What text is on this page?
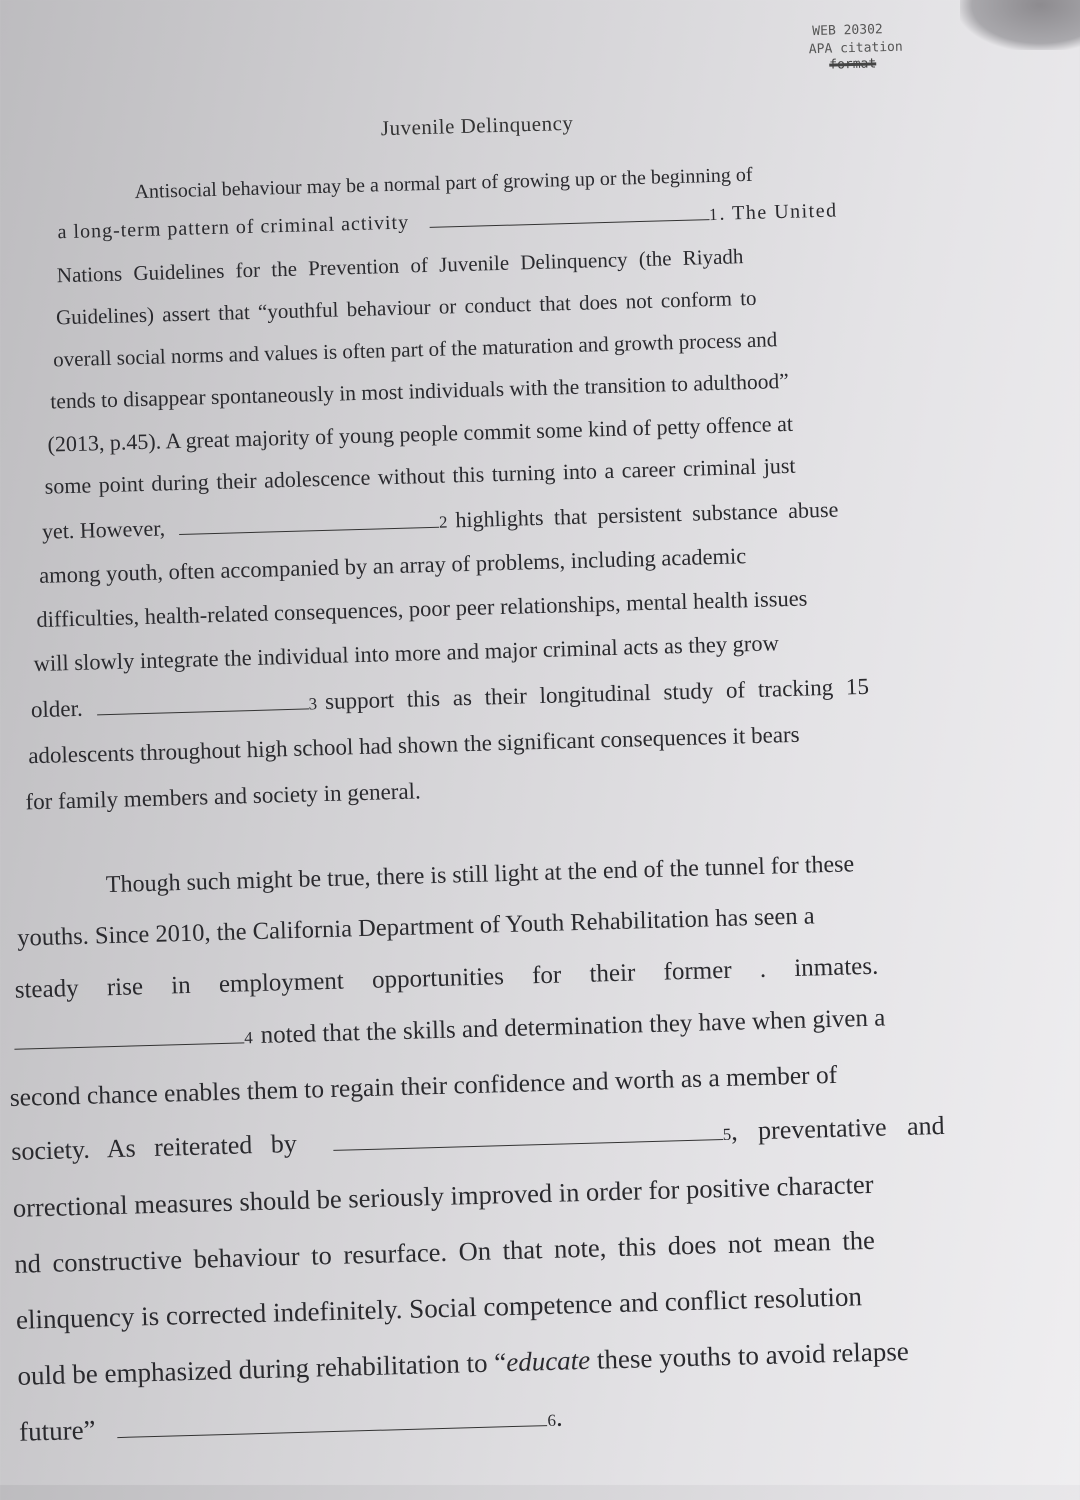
WEB 20302
APA citation
format
Juvenile Delinquency
Antisocial behaviour may be a normal part of growing up or the beginning of
a long-term pattern of criminal activity	1 . The United
Nations Guidelines for the Prevention of Juvenile Delinquency (the Riyadh
Guidelines) assert that “youthful behaviour or conduct that does not conform to
overall social norms and values is often part of the maturation and growth process and
tends to disappear spontaneously in most individuals with the transition to adulthood”
(2013, p.45). A great majority of young people commit some kind of petty offence at
some point during their adolescence without this turning into a career criminal just
yet. However,	2 highlights that persistent substance abuse
among youth, often accompanied by an array of problems, including academic
difficulties, health-related consequences, poor peer relationships, mental health issues
will slowly integrate the individual into more and major criminal acts as they grow
older.	3 support this as their longitudinal study of tracking 15
adolescents throughout high school had shown the significant consequences it bears
for family members and society in general.
Though such might be true, there is still light at the end of the tunnel for these
youths. Since 2010, the California Department of Youth Rehabilitation has seen a
steady rise in employment opportunities for their former . inmates.
4 noted that the skills and determination they have when given a
second chance enables them to regain their confidence and worth as a member of
society. As reiterated by	5 , preventative and
orrectional measures should be seriously improved in order for positive character
nd constructive behaviour to resurface. On that note, this does not mean the
elinquency is corrected indefinitely. Social competence and conflict resolution
ould be emphasized during rehabilitation to “ educate these youths to avoid relapse
future”	6 .
